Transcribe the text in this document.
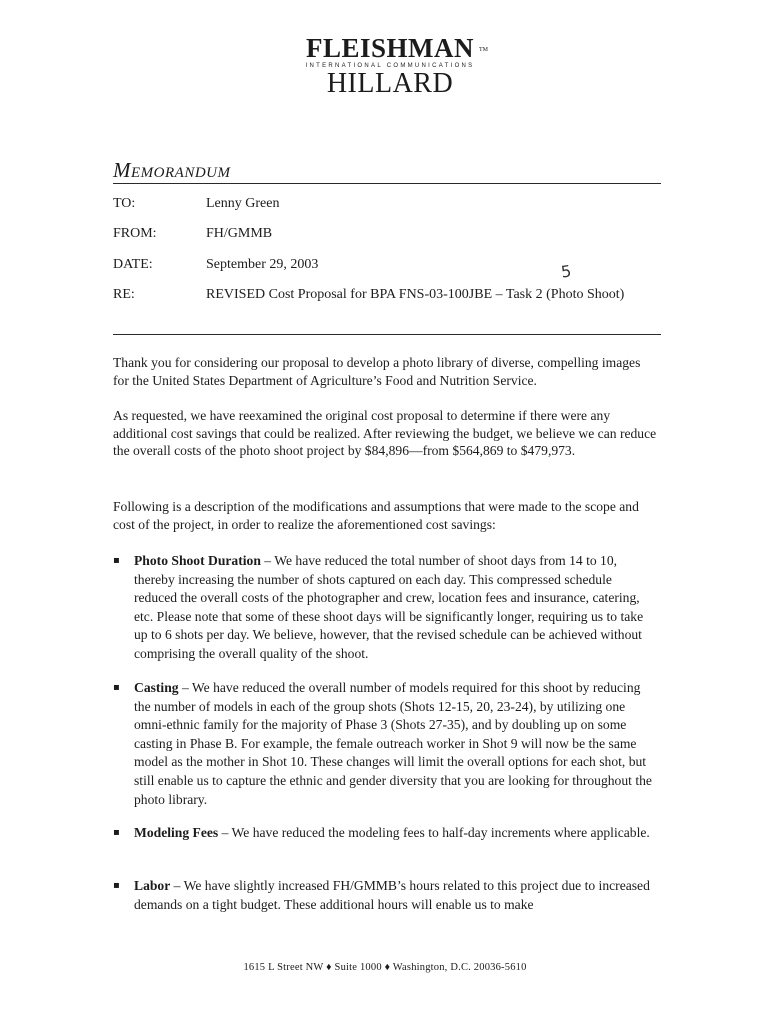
FLEISHMAN TM
INTERNATIONAL COMMUNICATIONS
HILLARD
MEMORANDUM
TO:	Lenny Green
FROM:	FH/GMMB
DATE:	September 29, 2003	5
RE:	REVISED Cost Proposal for BPA FNS-03-100JBE – Task 2 (Photo Shoot)
Thank you for considering our proposal to develop a photo library of diverse, compelling images for the United States Department of Agriculture’s Food and Nutrition Service.
As requested, we have reexamined the original cost proposal to determine if there were any additional cost savings that could be realized. After reviewing the budget, we believe we can reduce the overall costs of the photo shoot project by $84,896—from $564,869 to $479,973.
Following is a description of the modifications and assumptions that were made to the scope and cost of the project, in order to realize the aforementioned cost savings:
▪ Photo Shoot Duration – We have reduced the total number of shoot days from 14 to 10, thereby increasing the number of shots captured on each day. This compressed schedule reduced the overall costs of the photographer and crew, location fees and insurance, catering, etc. Please note that some of these shoot days will be significantly longer, requiring us to take up to 6 shots per day. We believe, however, that the revised schedule can be achieved without comprising the overall quality of the shoot.
▪ Casting – We have reduced the overall number of models required for this shoot by reducing the number of models in each of the group shots (Shots 12-15, 20, 23-24), by utilizing one omni-ethnic family for the majority of Phase 3 (Shots 27-35), and by doubling up on some casting in Phase B. For example, the female outreach worker in Shot 9 will now be the same model as the mother in Shot 10. These changes will limit the overall options for each shot, but still enable us to capture the ethnic and gender diversity that you are looking for throughout the photo library.
▪ Modeling Fees – We have reduced the modeling fees to half-day increments where applicable.
▪ Labor – We have slightly increased FH/GMMB’s hours related to this project due to increased demands on a tight budget. These additional hours will enable us to make
1615 L Street NW ♦ Suite 1000 ♦ Washington, D.C. 20036-5610
